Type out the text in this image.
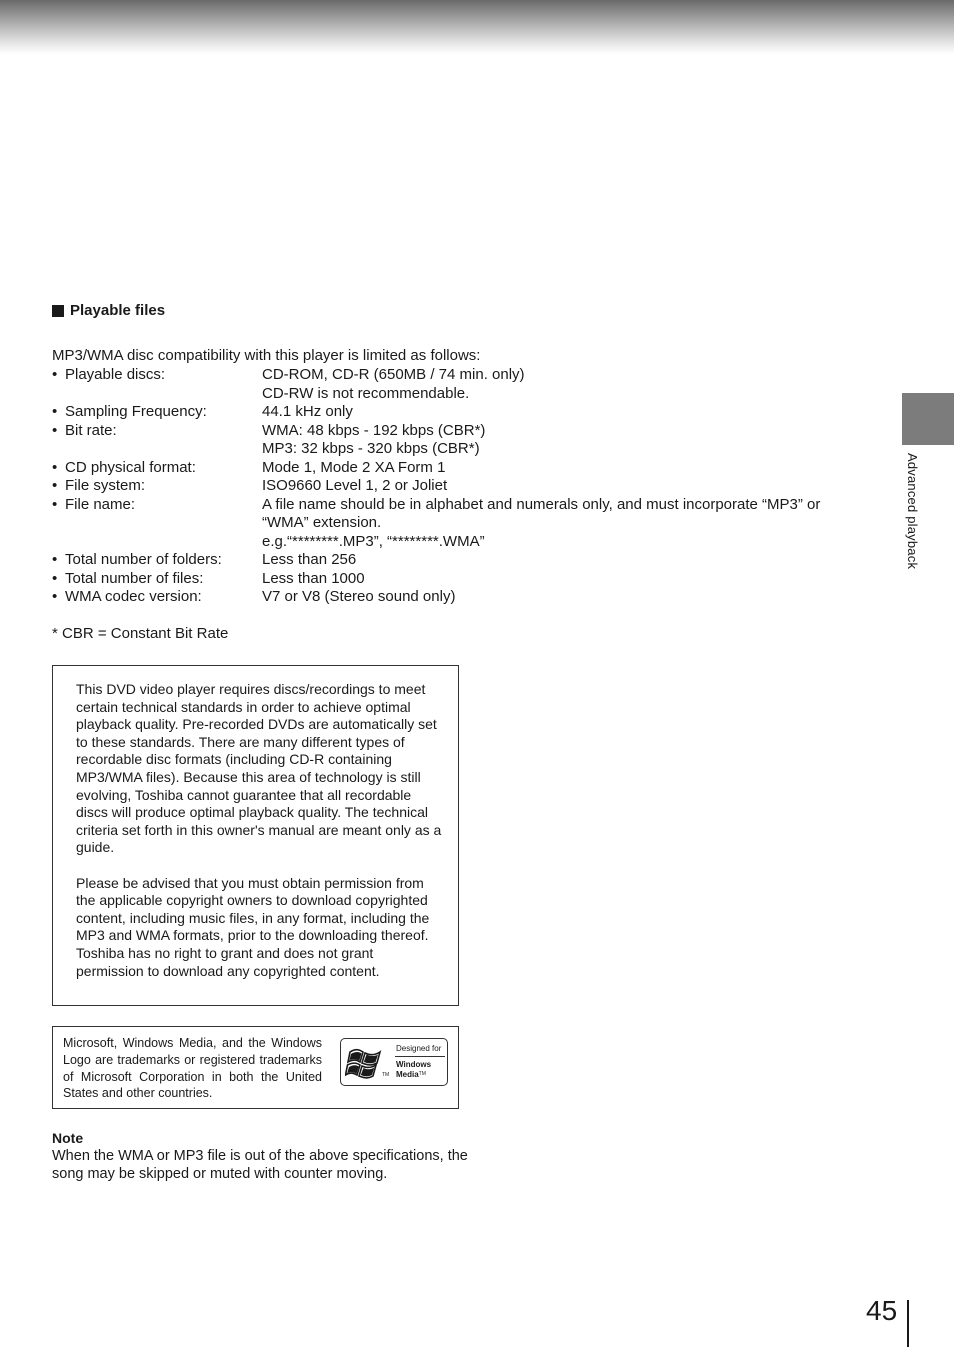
Playable files
MP3/WMA disc compatibility with this player is limited as follows:
• Playable discs:	CD-ROM, CD-R (650MB / 74 min. only)
CD-RW is not recommendable.
• Sampling Frequency:	44.1 kHz only
• Bit rate:	WMA: 48 kbps - 192 kbps (CBR*)
MP3: 32 kbps - 320 kbps (CBR*)
• CD physical format:	Mode 1, Mode 2 XA Form 1
• File system:	ISO9660 Level 1, 2 or Joliet
• File name:	A file name should be in alphabet and numerals only, and must incorporate “MP3” or
“WMA” extension.
e.g.“********.MP3”, “********.WMA”
• Total number of folders:	Less than 256
• Total number of files:	Less than 1000
• WMA codec version:	V7 or V8 (Stereo sound only)
* CBR = Constant Bit Rate

This DVD video player requires discs/recordings to meet certain technical standards in order to achieve optimal playback quality. Pre-recorded DVDs are automatically set to these standards. There are many different types of recordable disc formats (including CD-R containing MP3/WMA files). Because this area of technology is still evolving, Toshiba cannot guarantee that all recordable discs will produce optimal playback quality. The technical criteria set forth in this owner's manual are meant only as a guide.

Please be advised that you must obtain permission from the applicable copyright owners to download copyrighted content, including music files, in any format, including the MP3 and WMA formats, prior to the downloading thereof. Toshiba has no right to grant and does not grant permission to download any copyrighted content.

Microsoft, Windows Media, and the Windows Logo are trademarks or registered trademarks of Microsoft Corporation in both the United States and other countries.
TM
Designed for
Windows
Media™
Note
When the WMA or MP3 file is out of the above specifications, the song may be skipped or muted with counter moving.
Advanced playback
45
